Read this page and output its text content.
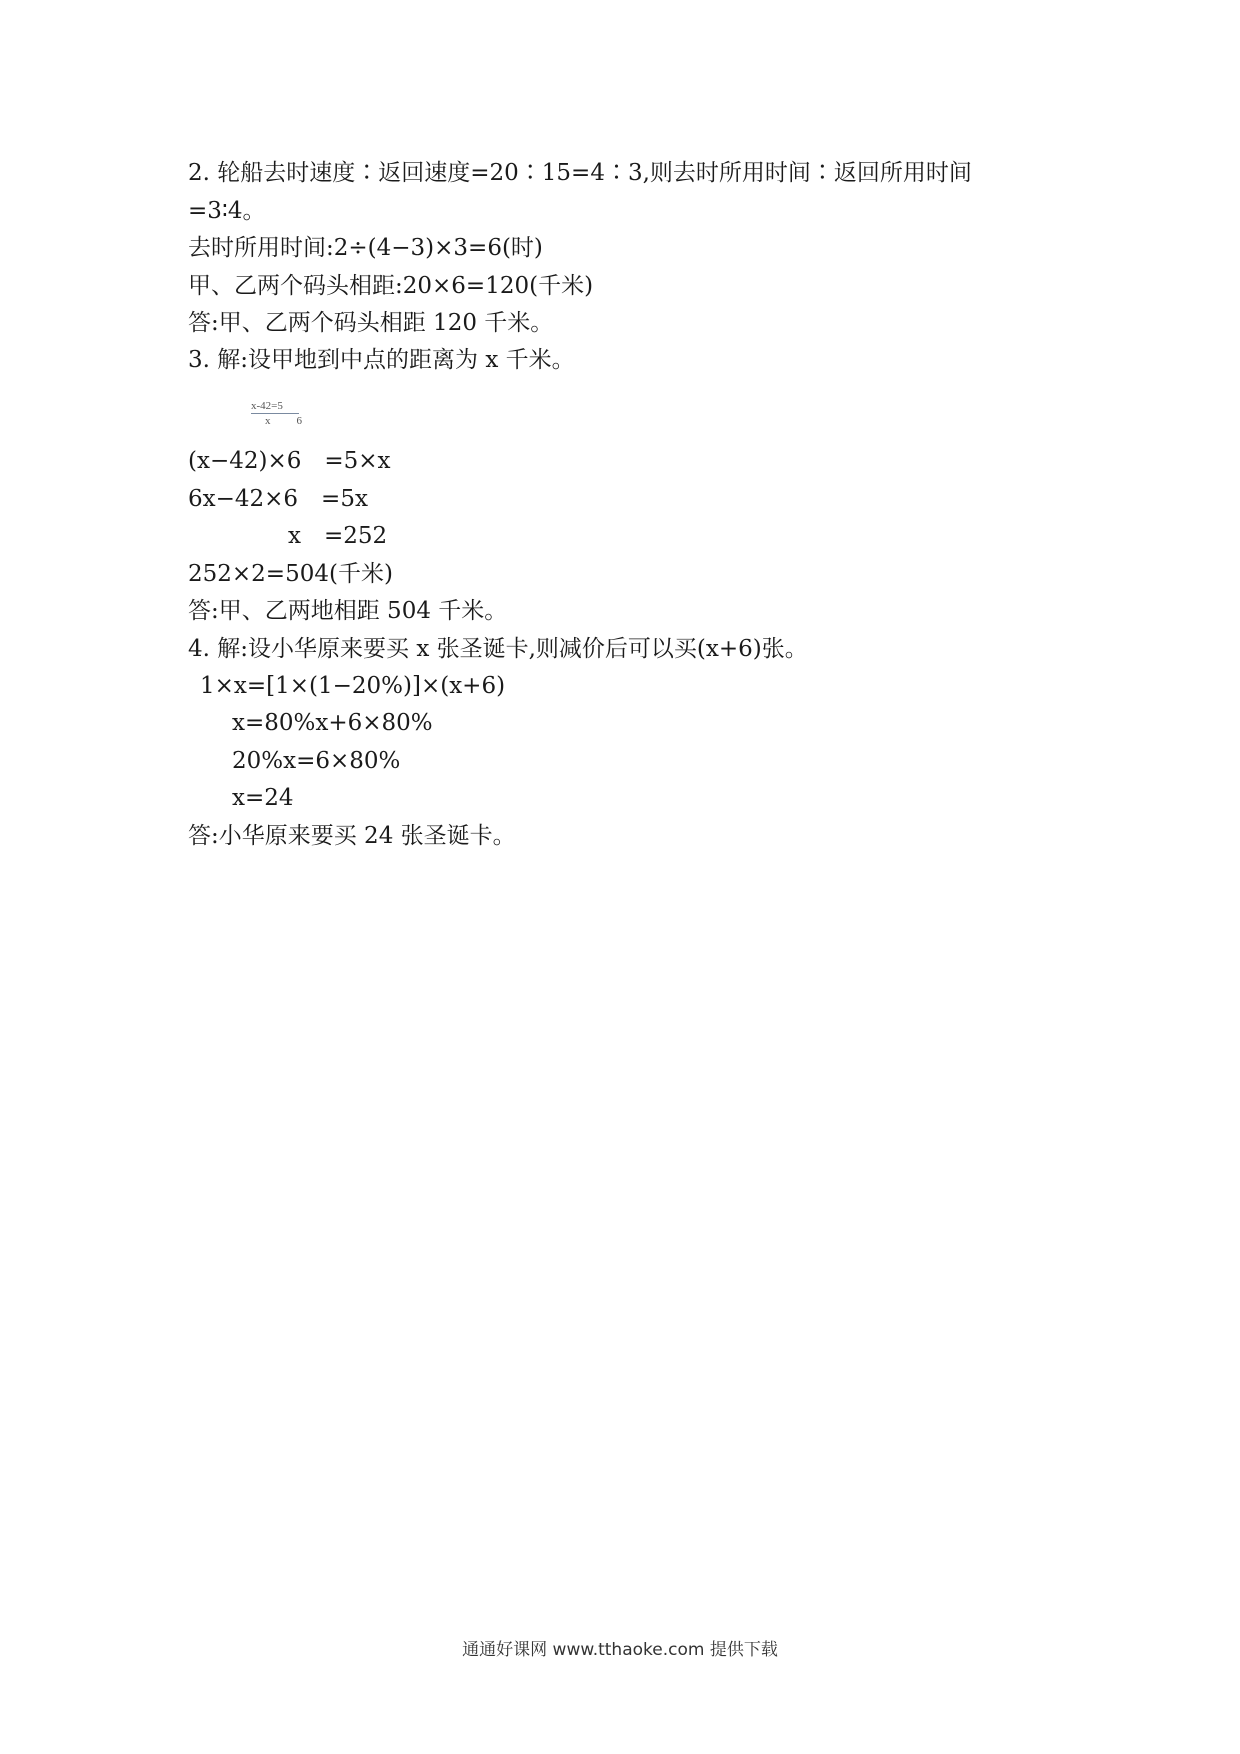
2. 轮船去时速度∶返回速度=20∶15=4∶3,则去时所用时间∶返回所用时间
=3∶4。
去时所用时间:2÷(4−3)×3=6(时)
甲、乙两个码头相距:20×6=120(千米)
答:甲、乙两个码头相距 120 千米。
3. 解:设甲地到中点的距离为 x 千米。
x-42=5
x 6
(x−42)×6　=5×x
6x−42×6　=5x
x　=252
252×2=504(千米)
答:甲、乙两地相距 504 千米。
4. 解:设小华原来要买 x 张圣诞卡,则减价后可以买(x+6)张。
1×x=[1×(1−20%)]×(x+6)
x=80%x+6×80%
20%x=6×80%
x=24
答:小华原来要买 24 张圣诞卡。
通通好课网 www.tthaoke.com 提供下载
